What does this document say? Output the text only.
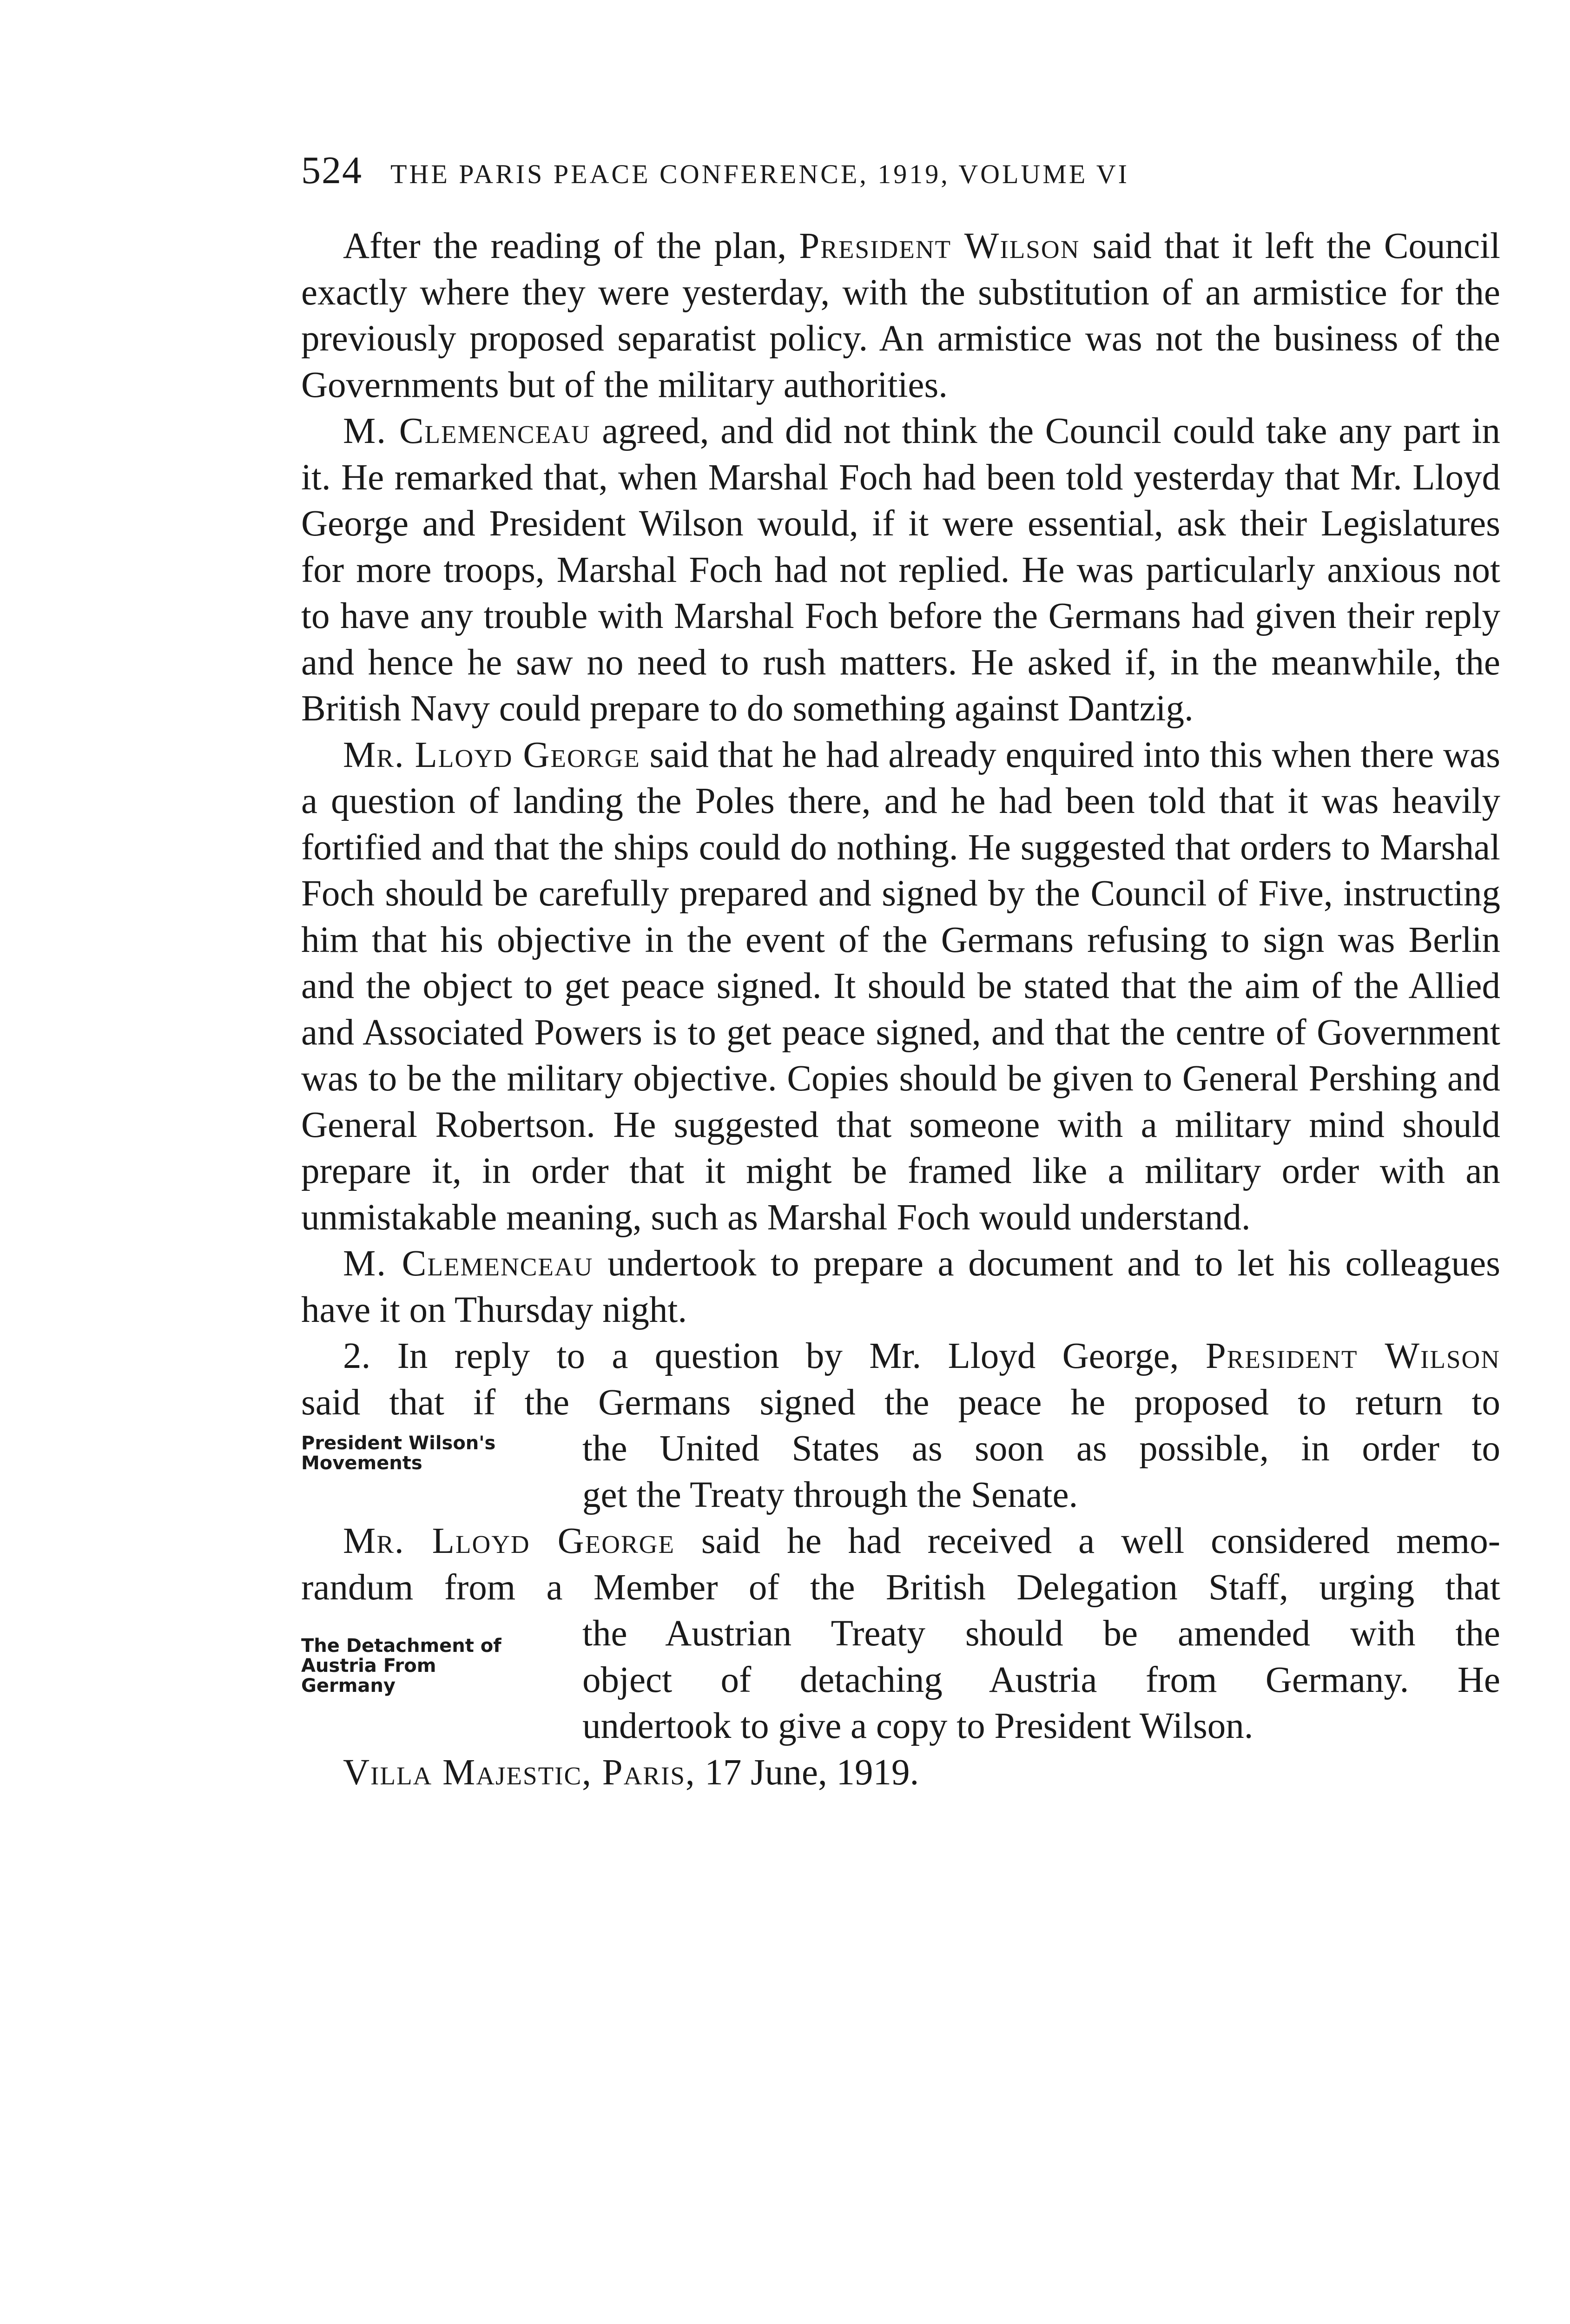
524 THE PARIS PEACE CONFERENCE, 1919, VOLUME VI

After the reading of the plan, President Wilson said that it left the Council exactly where they were yesterday, with the substitution of an armistice for the previously proposed separatist policy. An armistice was not the business of the Governments but of the military authorities.

M. Clemenceau agreed, and did not think the Council could take any part in it. He remarked that, when Marshal Foch had been told yesterday that Mr. Lloyd George and President Wilson would, if it were essential, ask their Legislatures for more troops, Marshal Foch had not replied. He was particularly anxious not to have any trouble with Marshal Foch before the Germans had given their reply and hence he saw no need to rush matters. He asked if, in the meanwhile, the British Navy could prepare to do something against Dantzig.

Mr. Lloyd George said that he had already enquired into this when there was a question of landing the Poles there, and he had been told that it was heavily fortified and that the ships could do nothing. He suggested that orders to Marshal Foch should be carefully prepared and signed by the Council of Five, instructing him that his objective in the event of the Germans refusing to sign was Berlin and the object to get peace signed. It should be stated that the aim of the Allied and Associated Powers is to get peace signed, and that the centre of Government was to be the military objective. Copies should be given to General Pershing and General Robertson. He suggested that someone with a military mind should prepare it, in order that it might be framed like a military order with an unmistakable meaning, such as Marshal Foch would understand.

M. Clemenceau undertook to prepare a document and to let his colleagues have it on Thursday night.

President Wilson's Movements

2. In reply to a question by Mr. Lloyd George, President Wilson
said that if the Germans signed the peace he proposed to return to
the United States as soon as possible, in order to
get the Treaty through the Senate.

The Detachment of Austria From Germany

Mr. Lloyd George said he had received a well considered memo-
randum from a Member of the British Delegation Staff, urging that
the Austrian Treaty should be amended with the
object of detaching Austria from Germany. He
undertook to give a copy to President Wilson.

Villa Majestic, Paris, 17 June, 1919.
